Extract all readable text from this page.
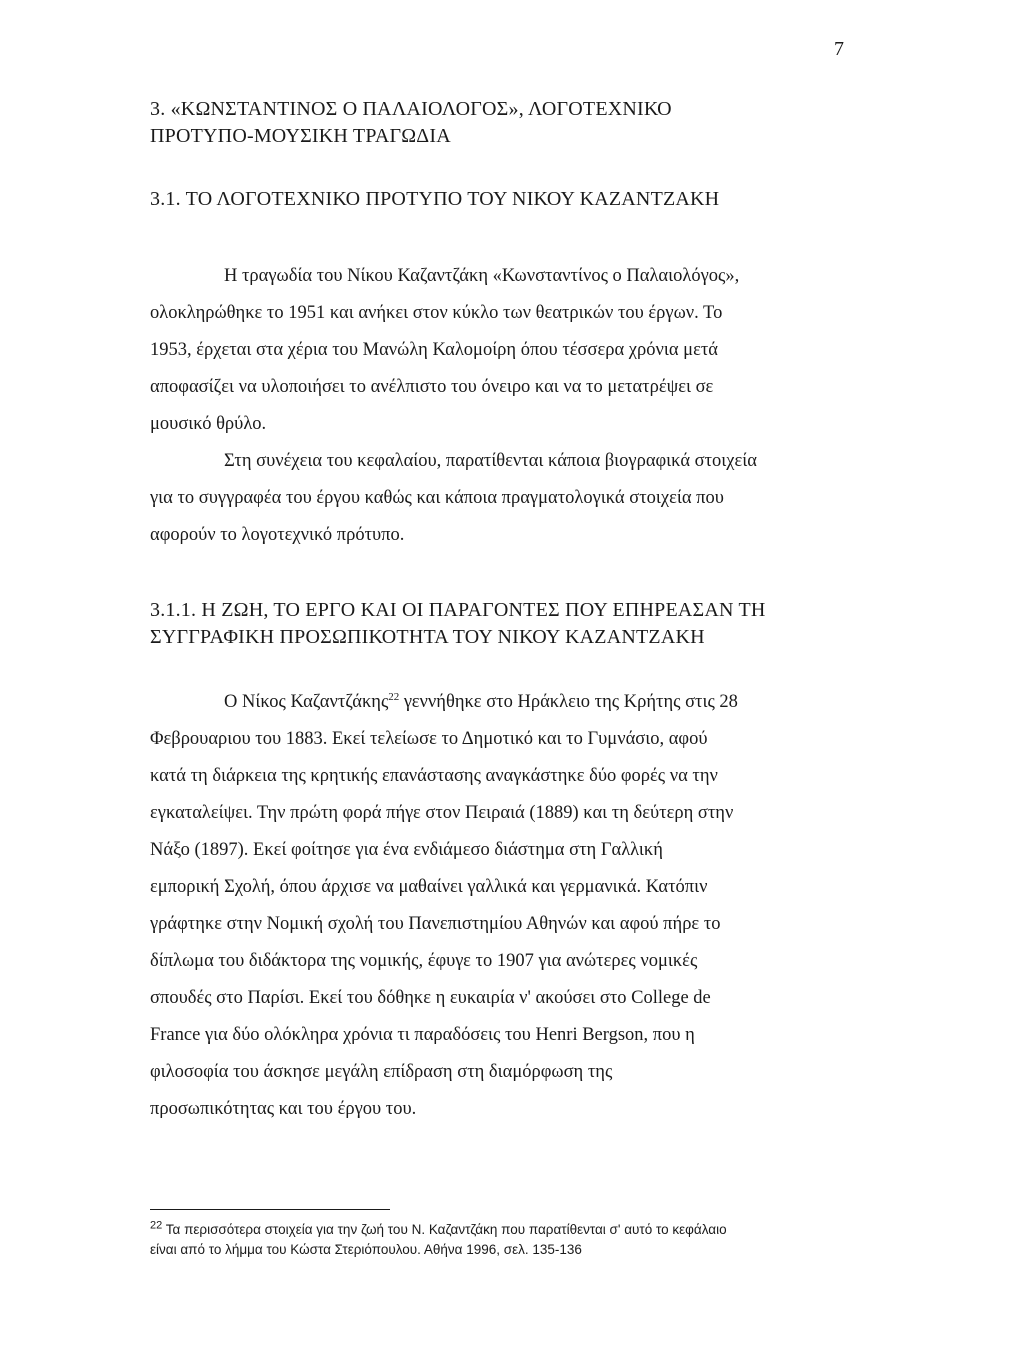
7
3. «ΚΩΝΣΤΑΝΤΙΝΟΣ Ο ΠΑΛΑΙΟΛΟΓΟΣ», ΛΟΓΟΤΕΧΝΙΚΟ
ΠΡΟΤΥΠΟ-ΜΟΥΣΙΚΗ ΤΡΑΓΩΔΙΑ
3.1. ΤΟ ΛΟΓΟΤΕΧΝΙΚΟ ΠΡΟΤΥΠΟ ΤΟΥ ΝΙΚΟΥ ΚΑΖΑΝΤΖΑΚΗ
Η τραγωδία του Νίκου Καζαντζάκη «Κωνσταντίνος ο Παλαιολόγος»,
ολοκληρώθηκε το 1951 και ανήκει στον κύκλο των θεατρικών του έργων. Το
1953, έρχεται στα χέρια του Μανώλη Καλομοίρη όπου τέσσερα χρόνια μετά
αποφασίζει να υλοποιήσει το ανέλπιστο του όνειρο και να το μετατρέψει σε
μουσικό θρύλο.
Στη συνέχεια του κεφαλαίου, παρατίθενται κάποια βιογραφικά στοιχεία
για το συγγραφέα του έργου καθώς και κάποια πραγματολογικά στοιχεία που
αφορούν το λογοτεχνικό πρότυπο.
3.1.1. Η ΖΩΗ, ΤΟ ΕΡΓΟ ΚΑΙ ΟΙ ΠΑΡΑΓΟΝΤΕΣ ΠΟΥ ΕΠΗΡΕΑΣΑΝ ΤΗ
ΣΥΓΓΡΑΦΙΚΗ ΠΡΟΣΩΠΙΚΟΤΗΤΑ ΤΟΥ ΝΙΚΟΥ ΚΑΖΑΝΤΖΑΚΗ
Ο Νίκος Καζαντζάκης$^{22}$ γεννήθηκε στο Ηράκλειο της Κρήτης στις 28
Φεβρουαριου του 1883. Εκεί τελείωσε το Δημοτικό και το Γυμνάσιο, αφού
κατά τη διάρκεια της κρητικής επανάστασης αναγκάστηκε δύο φορές να την
εγκαταλείψει. Την πρώτη φορά πήγε στον Πειραιά (1889) και τη δεύτερη στην
Νάξο (1897). Εκεί φοίτησε για ένα ενδιάμεσο διάστημα στη Γαλλική
εμπορική Σχολή, όπου άρχισε να μαθαίνει γαλλικά και γερμανικά. Κατόπιν
γράφτηκε στην Νομική σχολή του Πανεπιστημίου Αθηνών και αφού πήρε το
δίπλωμα του διδάκτορα της νομικής, έφυγε το 1907 για ανώτερες νομικές
σπουδές στο Παρίσι. Εκεί του δόθηκε η ευκαιρία ν' ακούσει στο College de
France για δύο ολόκληρα χρόνια τι παραδόσεις του Henri Bergson, που η
φιλοσοφία του άσκησε μεγάλη επίδραση στη διαμόρφωση της
προσωπικότητας και του έργου του.
$^{22}$ Τα περισσότερα στοιχεία για την ζωή του Ν. Καζαντζάκη που παρατίθενται σ' αυτό το κεφάλαιο
είναι από το λήμμα του Κώστα Στεριόπουλου. Αθήνα 1996, σελ. 135-136
